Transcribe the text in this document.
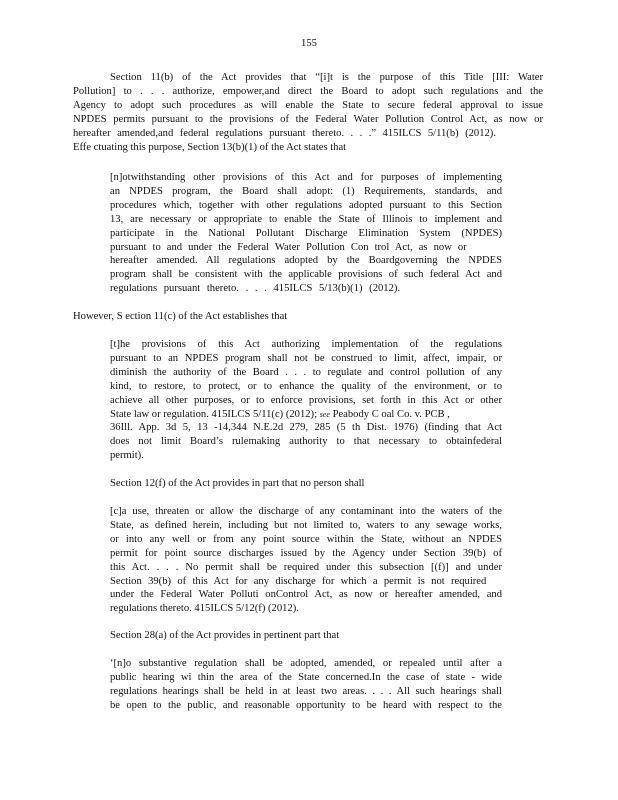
155
Section 11(b) of the Act provides that “[i]t is the purpose of this Title [III: Water
Pollution] to . . . authorize, empower,and direct the Board to adopt such regulations and the
Agency to adopt such procedures as will enable the State to secure federal approval to issue
NPDES permits pursuant to the provisions of the Federal Water Pollution Control Act, as now or
hereafter amended,and federal regulations pursuant thereto. . . .” 415ILCS 5/11(b) (2012).
Effe ctuating this purpose, Section 13(b)(1) of the Act states that
[n]otwithstanding other provisions of this Act and for purposes of implementing
an NPDES program, the Board shall adopt: (1) Requirements, standards, and
procedures which, together with other regulations adopted pursuant to this Section
13, are necessary or appropriate to enable the State of Illinois to implement and
participate in the National Pollutant Discharge Elimination System (NPDES)
pursuant to and under the Federal Water Pollution Con trol Act, as now or
hereafter amended. All regulations adopted by the Boardgoverning the NPDES
program shall be consistent with the applicable provisions of such federal Act and
regulations pursuant thereto. . . . 415ILCS 5/13(b)(1) (2012).

However, S ection 11(c) of the Act establishes that

[t]he provisions of this Act authorizing implementation of the regulations
pursuant to an NPDES program shall not be construed to limit, affect, impair, or
diminish the authority of the Board . . . to regulate and control pollution of any
kind, to restore, to protect, or to enhance the quality of the environment, or to
achieve all other purposes, or to enforce provisions, set forth in this Act or other
State law or regulation. 415ILCS 5/11(c) (2012); see Peabody C oal Co. v. PCB ,
36Ill. App. 3d 5, 13 -14,344 N.E.2d 279, 285 (5 th Dist. 1976) (finding that Act
does not limit Board’s rulemaking authority to that necessary to obtainfederal
permit).

Section 12(f) of the Act provides in part that no person shall

[c]a use, threaten or allow the discharge of any contaminant into the waters of the
State, as defined herein, including but not limited to, waters to any sewage works,
or into any well or from any point source within the State, without an NPDES
permit for point source discharges issued by the Agency under Section 39(b) of
this Act. . . . No permit shall be required under this subsection [(f)] and under
Section 39(b) of this Act for any discharge for which a permit is not required
under the Federal Water Polluti onControl Act, as now or hereafter amended, and
regulations thereto. 415ILCS 5/12(f) (2012).

Section 28(a) of the Act provides in pertinent part that

‘[n]o substantive regulation shall be adopted, amended, or repealed until after a
public hearing wi thin the area of the State concerned.In the case of state - wide
regulations hearings shall be held in at least two areas. . . . All such hearings shall
be open to the public, and reasonable opportunity to be heard with respect to the
